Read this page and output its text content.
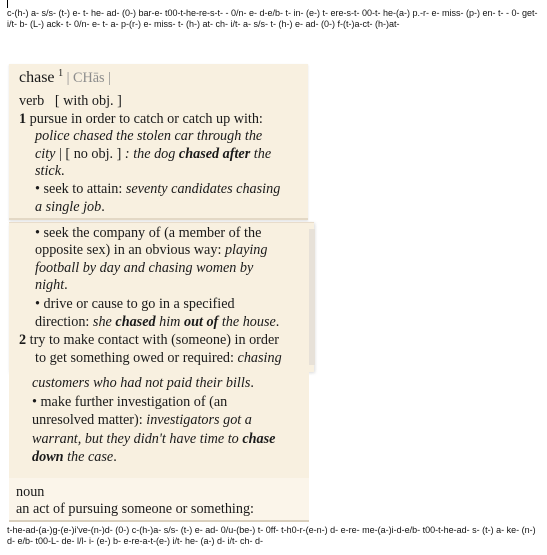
c-(h-) a- s/s- (t-) e- t- he- ad- (0-) bar-e- t00-t-he-re-s-t- - 0/n- e- d-e/b- t- in- (e-) t- ere-s-t- 00-t- he-(a-) p.-r- e- miss- (p-) en- t- - 0- get- i/t- b- (L-) ack- t- 0/n- e- t- a- p-(r-) e- miss- t- (h-) at- ch- i/t- a- s/s- t- (h-) e- ad- (0-) f-(t-)a-ct- (h-)at-

chase $^1$ | CHās |
verb [ with obj. ]
1 pursue in order to catch or catch up with:
police chased the stolen car through the
city | [ no obj. ] : the dog chased after the
stick.
• seek to attain: seventy candidates chasing
a single job.
• seek the company of (a member of the
opposite sex) in an obvious way: playing
football by day and chasing women by
night.
• drive or cause to go in a specified
direction: she chased him out of the house.
2 try to make contact with (someone) in order
to get something owed or required: chasing
customers who had not paid their bills.
• make further investigation of (an
unresolved matter): investigators got a
warrant, but they didn't have time to chase
down the case.
noun
an act of pursuing someone or something:

t-he-ad-(a-)g-(e-)i've-(n-)d- (0-) c-(h-)a- s/s- (t-) e- ad- 0/u-(be-) t- 0ff- t-h0-r-(e-n-) d- e-re- me-(a-)i-d-e/b- t00-t-he-ad- s- (t-) a- ke- (n-) d- e/b- t00-L- de- l/l- i- (e-) b- e-re-a-t-(e-) i/t- he- (a-) d- i/t- ch- d-
